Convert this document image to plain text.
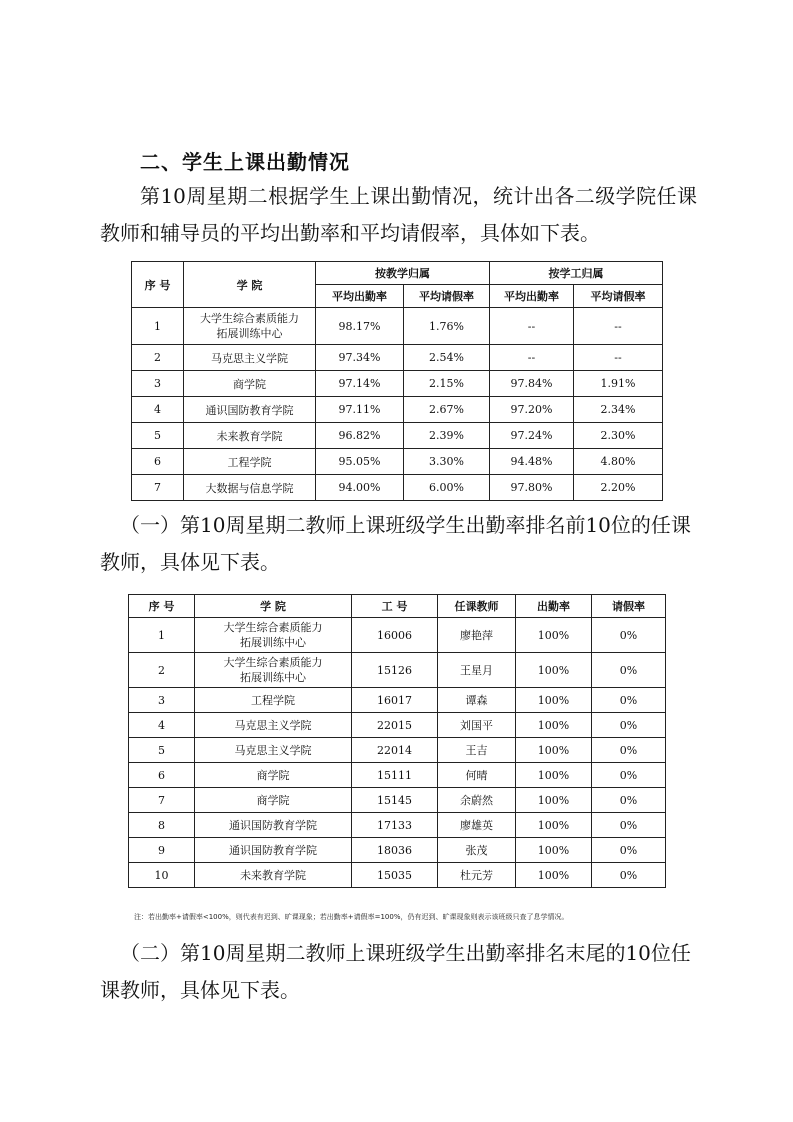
二、学生上课出勤情况

第10周星期二根据学生上课出勤情况，统计出各二级学院任课教师和辅导员的平均出勤率和平均请假率，具体如下表。

序 号	学 院	按教学归属		按学工归属	
		平均出勤率	平均请假率	平均出勤率	平均请假率
1	大学生综合素质能力
拓展训练中心	98.17%	1.76%	--	--
2	马克思主义学院	97.34%	2.54%	--	--
3	商学院	97.14%	2.15%	97.84%	1.91%
4	通识国防教育学院	97.11%	2.67%	97.20%	2.34%
5	未来教育学院	96.82%	2.39%	97.24%	2.30%
6	工程学院	95.05%	3.30%	94.48%	4.80%
7	大数据与信息学院	94.00%	6.00%	97.80%	2.20%

（一）第10周星期二教师上课班级学生出勤率排名前10位的任课教师，具体见下表。

序 号	学 院	工 号	任课教师	出勤率	请假率
1	大学生综合素质能力
拓展训练中心	16006	廖艳萍	100%	0%
2	大学生综合素质能力
拓展训练中心	15126	王星月	100%	0%
3	工程学院	16017	谭森	100%	0%
4	马克思主义学院	22015	刘国平	100%	0%
5	马克思主义学院	22014	王吉	100%	0%
6	商学院	15111	何晴	100%	0%
7	商学院	15145	余蔚然	100%	0%
8	通识国防教育学院	17133	廖雄英	100%	0%
9	通识国防教育学院	18036	张茂	100%	0%
10	未来教育学院	15035	杜元芳	100%	0%
注：若出勤率+请假率<100%，则代表有迟到、旷课现象；若出勤率+请假率=100%，仍有迟到、旷课现象则表示该班级只查了息学情况。

（二）第10周星期二教师上课班级学生出勤率排名末尾的10位任课教师，具体见下表。
